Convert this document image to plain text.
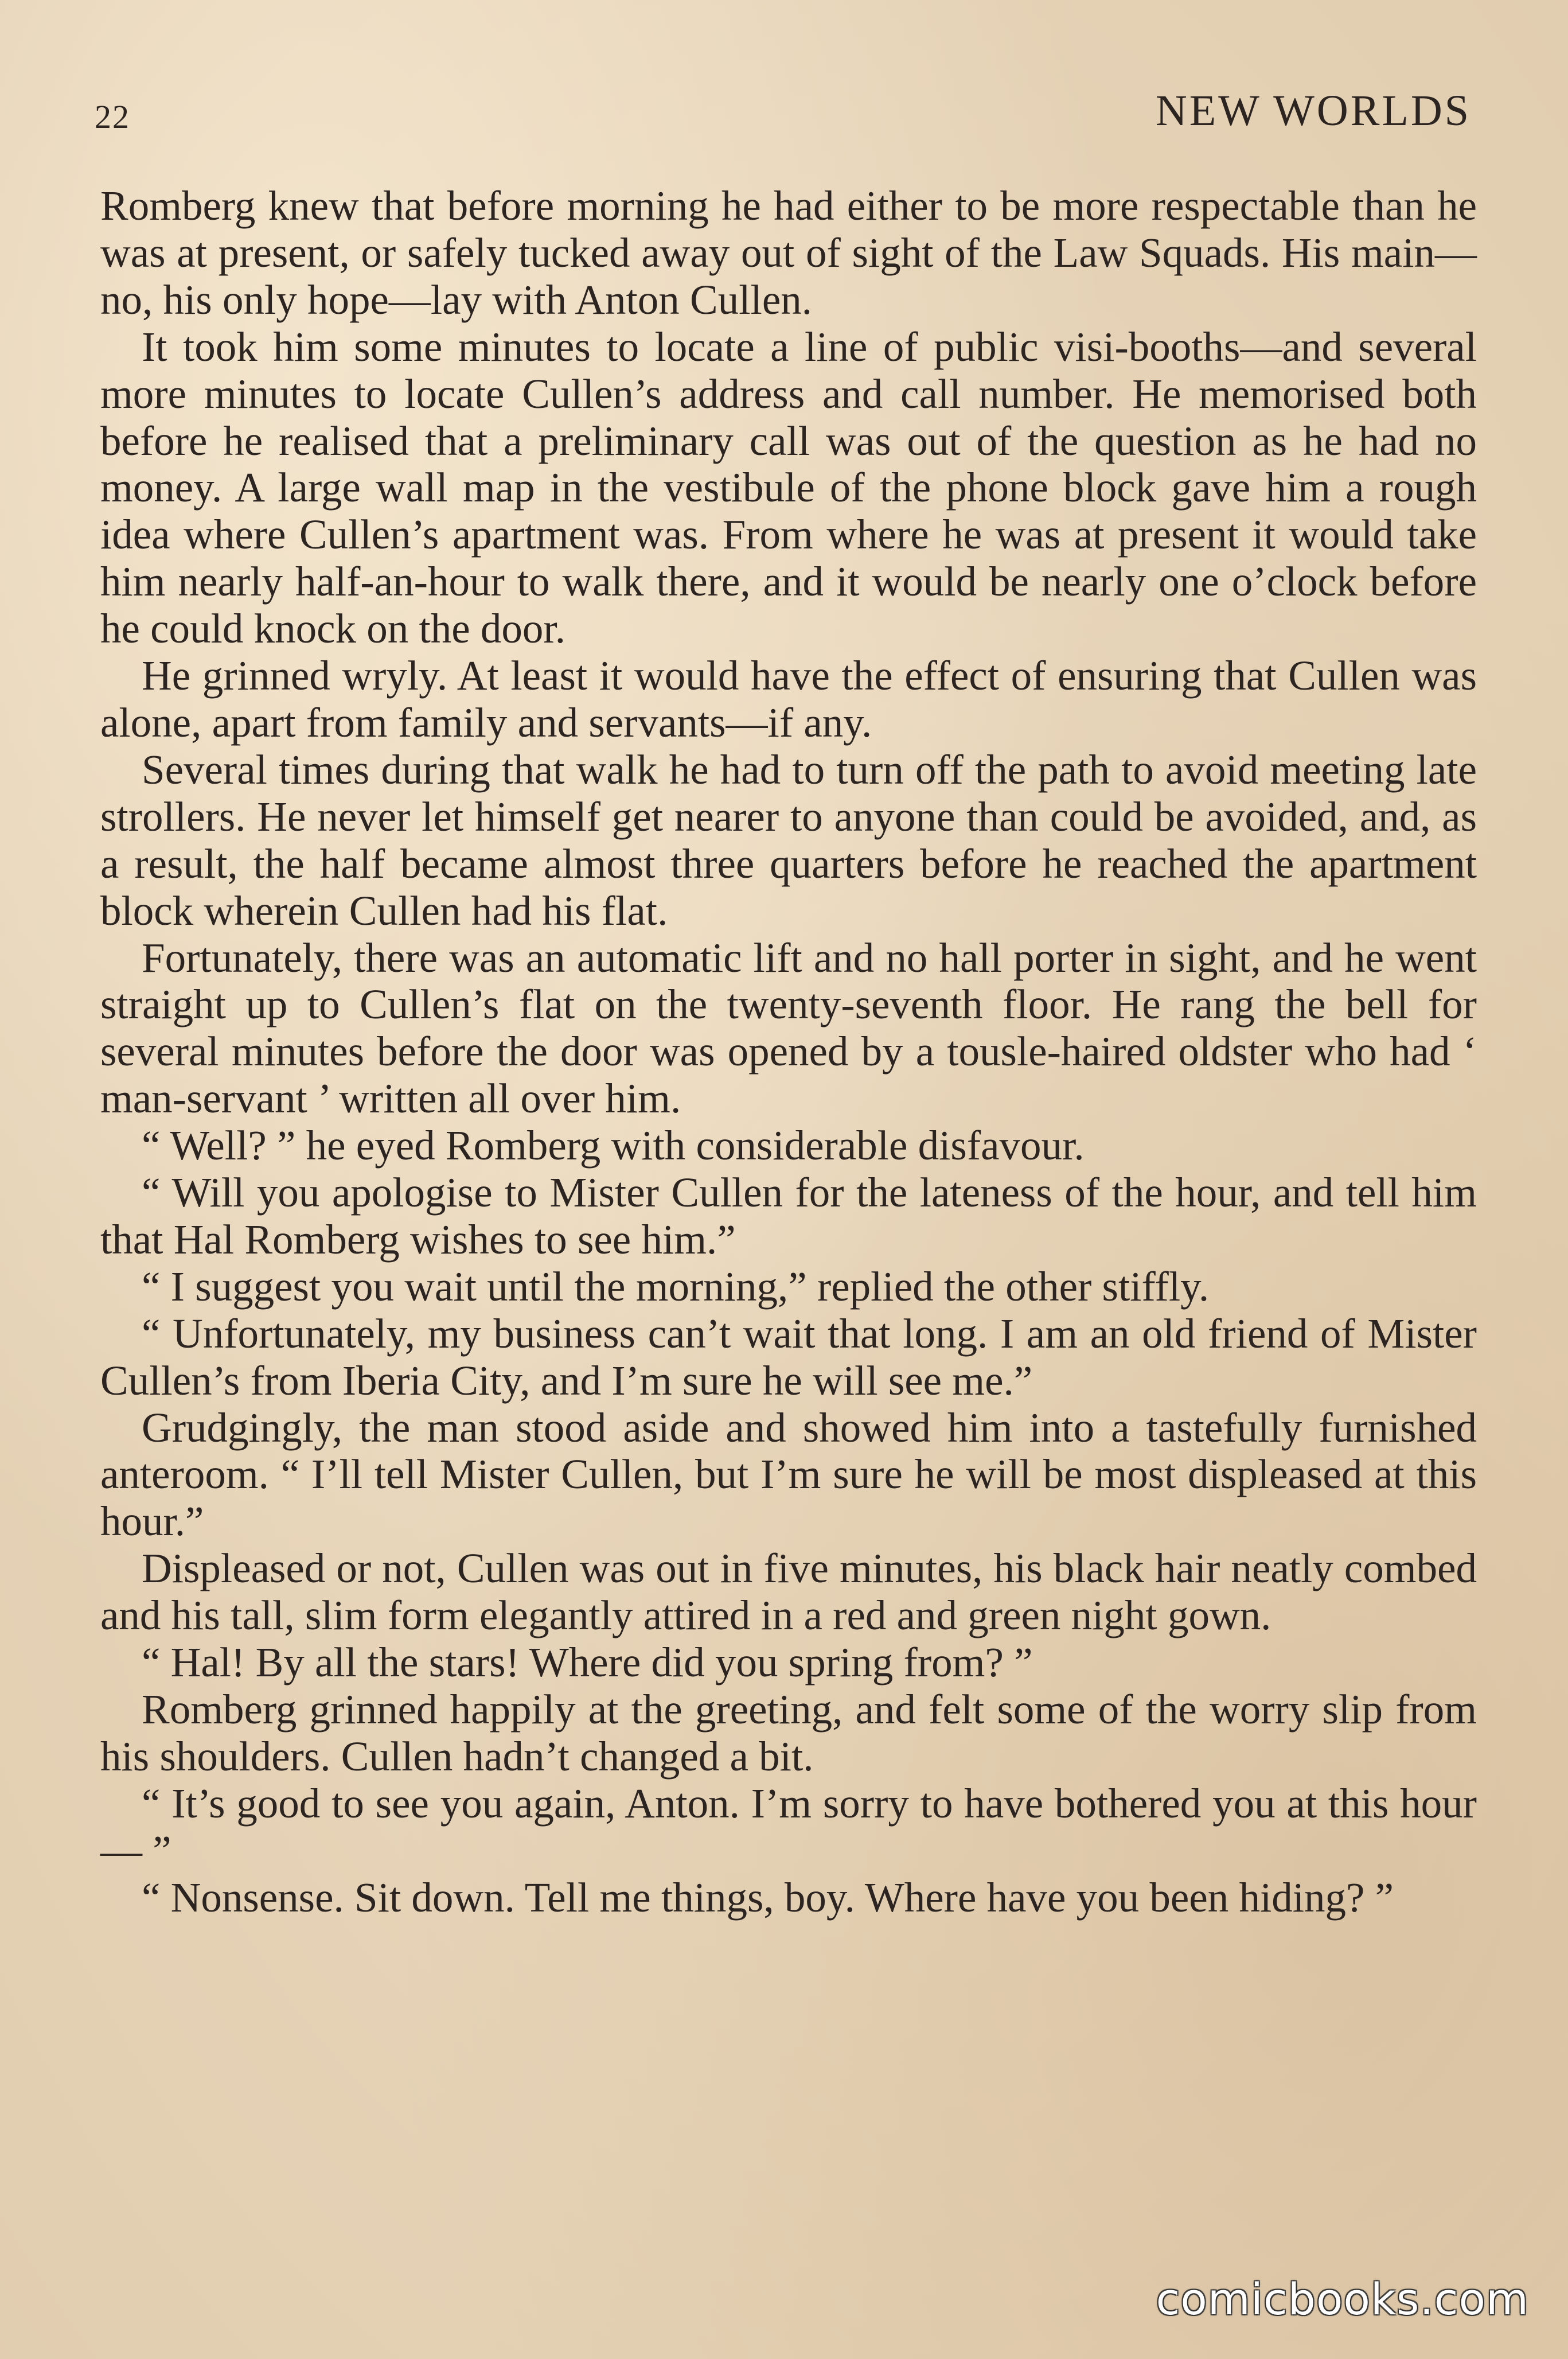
22	NEW WORLDS

Romberg knew that before morning he had either to be more respectable than he was at present, or safely tucked away out of sight of the Law Squads. His main—no, his only hope—lay with Anton Cullen.

It took him some minutes to locate a line of public visi-booths—and several more minutes to locate Cullen’s address and call number. He memorised both before he realised that a preliminary call was out of the question as he had no money. A large wall map in the vestibule of the phone block gave him a rough idea where Cullen’s apartment was. From where he was at present it would take him nearly half-an-hour to walk there, and it would be nearly one o’clock before he could knock on the door.

He grinned wryly. At least it would have the effect of ensuring that Cullen was alone, apart from family and servants—if any.

Several times during that walk he had to turn off the path to avoid meeting late strollers. He never let himself get nearer to anyone than could be avoided, and, as a result, the half became almost three quarters before he reached the apartment block wherein Cullen had his flat.

Fortunately, there was an automatic lift and no hall porter in sight, and he went straight up to Cullen’s flat on the twenty-seventh floor. He rang the bell for several minutes before the door was opened by a tousle-haired oldster who had ‘ man-servant ’ written all over him.

“ Well? ” he eyed Romberg with considerable disfavour.

“ Will you apologise to Mister Cullen for the lateness of the hour, and tell him that Hal Romberg wishes to see him.”

“ I suggest you wait until the morning,” replied the other stiffly.

“ Unfortunately, my business can’t wait that long. I am an old friend of Mister Cullen’s from Iberia City, and I’m sure he will see me.”

Grudgingly, the man stood aside and showed him into a tastefully furnished anteroom. “ I’ll tell Mister Cullen, but I’m sure he will be most displeased at this hour.”

Displeased or not, Cullen was out in five minutes, his black hair neatly combed and his tall, slim form elegantly attired in a red and green night gown.

“ Hal! By all the stars! Where did you spring from? ”

Romberg grinned happily at the greeting, and felt some of the worry slip from his shoulders. Cullen hadn’t changed a bit.

“ It’s good to see you again, Anton. I’m sorry to have bothered you at this hour— ”

“ Nonsense. Sit down. Tell me things, boy. Where have you been hiding? ”

comicbooks.com
